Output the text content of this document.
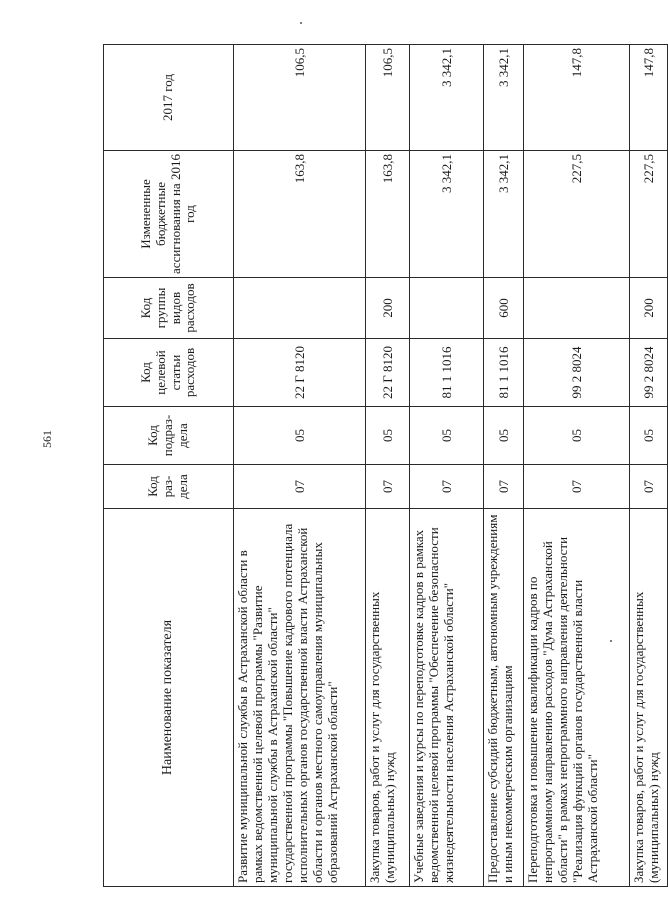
561
Наименование показателя	Код раз-дела	Код подраз-дела	Код целевой статьи расходов	Код группы видов расходов	Измененные бюджетные ассигнования на 2016 год	2017 год
Развитие муниципальной службы в Астраханской области в рамках ведомственной целевой программы "Развитие муниципальной службы в Астраханской области" государственной программы "Повышение кадрового потенциала исполнительных органов государственной власти Астраханской области и органов местного самоуправления муниципальных образований Астраханской области"	07	05	22 Г 8120		163,8	106,5
Закупка товаров, работ и услуг для государственных (муниципальных) нужд	07	05	22 Г 8120	200	163,8	106,5
Учебные заведения и курсы по переподготовке кадров в рамках ведомственной целевой программы "Обеспечение безопасности жизнедеятельности населения Астраханской области"	07	05	81 1 1016		3 342,1	3 342,1
Предоставление субсидий бюджетным, автономным учреждениям и иным некоммерческим организациям	07	05	81 1 1016	600	3 342,1	3 342,1
Переподготовка и повышение квалификации кадров по непрограммному направлению расходов "Дума Астраханской области" в рамках непрограммного направления деятельности "Реализация функций органов государственной власти Астраханской области"	07	05	99 2 8024		227,5	147,8
Закупка товаров, работ и услуг для государственных (муниципальных) нужд	07	05	99 2 8024	200	227,5	147,8
